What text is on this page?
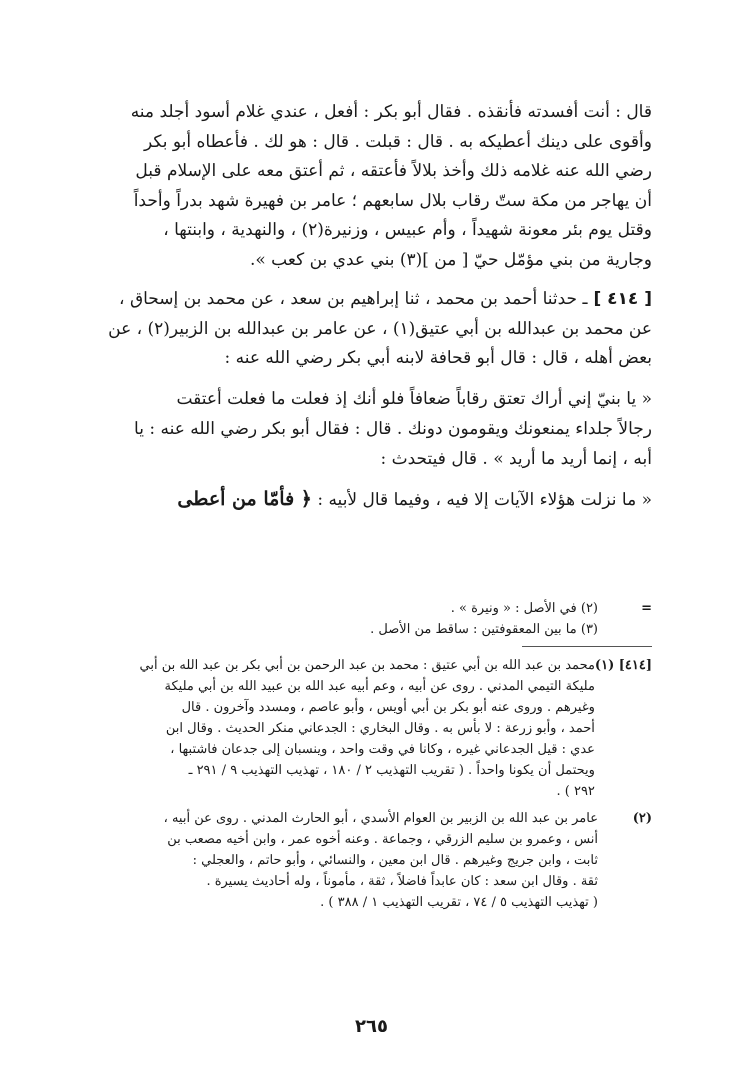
قال : أنت أفسدته فأنقذه . فقال أبو بكر : أفعل ، عندي غلام أسود أجلد منه

وأقوى على دينك أعطيكه به . قال : قبلت . قال : هو لك . فأعطاه أبو بكر

رضي الله عنه غلامه ذلك وأخذ بلالاً فأعتقه ، ثم أعتق معه على الإسلام قبل

أن يهاجر من مكة ستّ رقاب بلال سابعهم ؛ عامر بن فهيرة شهد بدراً وأحداً

وقتل يوم بئر معونة شهيداً ، وأم عبيس ، وزنيرة(٢) ، والنهدية ، وابنتها ،

وجارية من بني مؤمّل حيّ [ من ](٣) بني عدي بن كعب ».

[ ٤١٤ ]ـ حدثنا أحمد بن محمد ، ثنا إبراهيم بن سعد ، عن محمد بن إسحاق ،

عن محمد بن عبدالله بن أبي عتيق(١) ، عن عامر بن عبدالله بن الزبير(٢) ، عن

بعض أهله ، قال : قال أبو قحافة لابنه أبي بكر رضي الله عنه :

« يا بنيّ إني أراك تعتق رقاباً ضعافاً فلو أنك إذ فعلت ما فعلت أعتقت

رجالاً جلداء يمنعونك ويقومون دونك . قال : فقال أبو بكر رضي الله عنه : يا

أبه ، إنما أريد ما أريد » . قال فيتحدث :

« ما نزلت هؤلاء الآيات إلا فيه ، وفيما قال لأبيه : ﴿ فأمّا من أعطى

=

(٢) في الأصل : « ونيرة » .

(٣) ما بين المعقوفتين : ساقط من الأصل .

[٤١٤] (١)

محمد بن عبد الله بن أبي عتيق : محمد بن عبد الرحمن بن أبي بكر بن عبد الله بن أبي

مليكة التيمي المدني . روى عن أبيه ، وعم أبيه عبد الله بن عبيد الله بن أبي مليكة

وغيرهم . وروى عنه أبو بكر بن أبي أويس ، وأبو عاصم ، ومسدد وآخرون . قال

أحمد ، وأبو زرعة : لا بأس به . وقال البخاري : الجدعاني منكر الحديث . وقال ابن

عدي : قيل الجدعاني غيره ، وكانا في وقت واحد ، وينسبان إلى جدعان فاشتبها ،

ويحتمل أن يكونا واحداً . ( تقريب التهذيب ٢ / ١٨٠ ، تهذيب التهذيب ٩ / ٢٩١ ـ

٢٩٢ ) .

(٢)

عامر بن عبد الله بن الزبير بن العوام الأسدي ، أبو الحارث المدني . روى عن أبيه ،

أنس ، وعمرو بن سليم الزرقي ، وجماعة . وعنه أخوه عمر ، وابن أخيه مصعب بن

ثابت ، وابن جريج وغيرهم . قال ابن معين ، والنسائي ، وأبو حاتم ، والعجلي :

ثقة . وقال ابن سعد : كان عابداً فاضلاً ، ثقة ، مأموناً ، وله أحاديث يسيرة .

( تهذيب التهذيب ٥ / ٧٤ ، تقريب التهذيب ١ / ٣٨٨ ) .

٢٦٥
